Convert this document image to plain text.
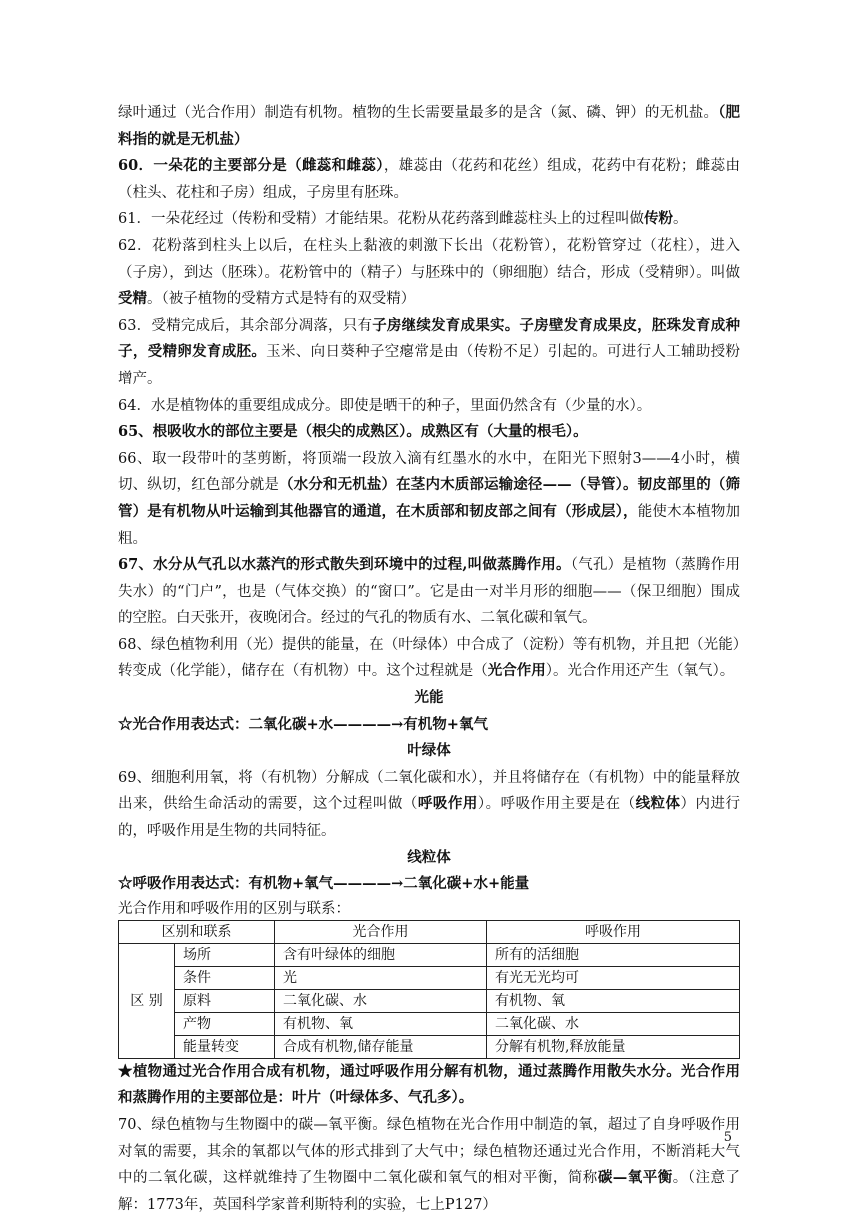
绿叶通过（光合作用）制造有机物。植物的生长需要量最多的是含（氮、磷、钾）的无机盐。（肥料指的就是无机盐）

60．一朵花的主要部分是（雌蕊和雌蕊），雄蕊由（花药和花丝）组成，花药中有花粉；雌蕊由（柱头、花柱和子房）组成，子房里有胚珠。

61．一朵花经过（传粉和受精）才能结果。花粉从花药落到雌蕊柱头上的过程叫做传粉。

62．花粉落到柱头上以后，在柱头上黏液的刺激下长出（花粉管），花粉管穿过（花柱），进入（子房），到达（胚珠）。花粉管中的（精子）与胚珠中的（卵细胞）结合，形成（受精卵）。叫做受精。（被子植物的受精方式是特有的双受精）

63．受精完成后，其余部分凋落，只有子房继续发育成果实。子房壁发育成果皮，胚珠发育成种子，受精卵发育成胚。玉米、向日葵种子空瘪常是由（传粉不足）引起的。可进行人工辅助授粉增产。

64．水是植物体的重要组成成分。即使是晒干的种子，里面仍然含有（少量的水）。

65、根吸收水的部位主要是（根尖的成熟区）。成熟区有（大量的根毛）。

66、取一段带叶的茎剪断，将顶端一段放入滴有红墨水的水中，在阳光下照射3——4小时，横切、纵切，红色部分就是（水分和无机盐）在茎内木质部运输途径——（导管）。韧皮部里的（筛管）是有机物从叶运输到其他器官的通道，在木质部和韧皮部之间有（形成层），能使木本植物加粗。

67、水分从气孔以水蒸汽的形式散失到环境中的过程,叫做蒸腾作用。（气孔）是植物（蒸腾作用失水）的“门户”，也是（气体交换）的“窗口”。它是由一对半月形的细胞——（保卫细胞）围成的空腔。白天张开，夜晚闭合。经过的气孔的物质有水、二氧化碳和氧气。

68、绿色植物利用（光）提供的能量，在（叶绿体）中合成了（淀粉）等有机物，并且把（光能）转变成（化学能），储存在（有机物）中。这个过程就是（光合作用）。光合作用还产生（氧气）。

光能

☆光合作用表达式：二氧化碳+水————→有机物+氧气

叶绿体

69、细胞利用氧，将（有机物）分解成（二氧化碳和水），并且将储存在（有机物）中的能量释放出来，供给生命活动的需要，这个过程叫做（呼吸作用）。呼吸作用主要是在（线粒体）内进行的，呼吸作用是生物的共同特征。

线粒体

☆呼吸作用表达式：有机物+氧气————→二氧化碳+水+能量

光合作用和呼吸作用的区别与联系：

区别和联系		光合作用	呼吸作用
区 别	场所	含有叶绿体的细胞	所有的活细胞
	条件	光	有光无光均可
	原料	二氧化碳、水	有机物、氧
	产物	有机物、氧	二氧化碳、水
	能量转变	合成有机物,储存能量	分解有机物,释放能量

★植物通过光合作用合成有机物，通过呼吸作用分解有机物，通过蒸腾作用散失水分。光合作用和蒸腾作用的主要部位是：叶片（叶绿体多、气孔多）。

70、绿色植物与生物圈中的碳—氧平衡。绿色植物在光合作用中制造的氧，超过了自身呼吸作用对氧的需要，其余的氧都以气体的形式排到了大气中；绿色植物还通过光合作用，不断消耗大气中的二氧化碳，这样就维持了生物圈中二氧化碳和氧气的相对平衡，简称碳—氧平衡。（注意了解：1773年，英国科学家普利斯特利的实验，七上P127）

5
